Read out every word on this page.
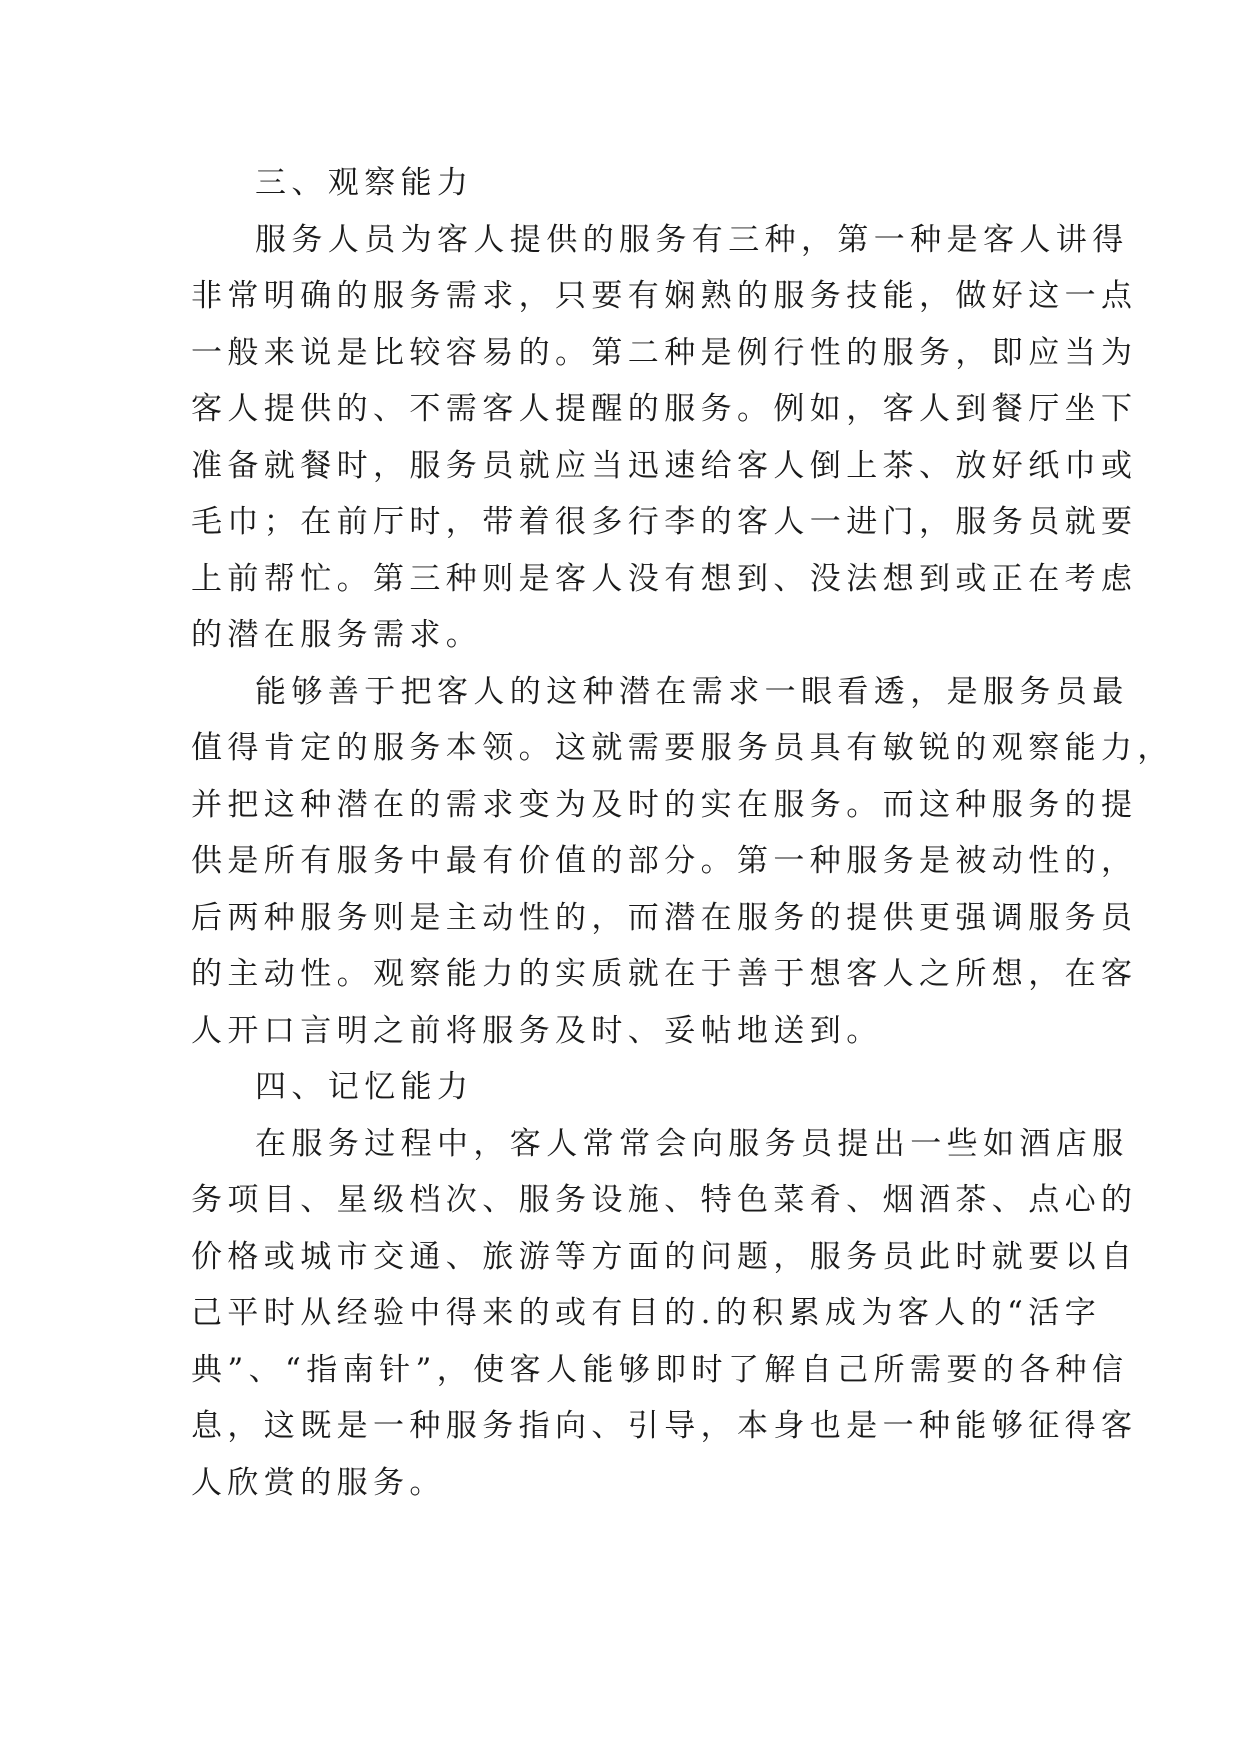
三、观察能力
服务人员为客人提供的服务有三种，第一种是客人讲得
非常明确的服务需求，只要有娴熟的服务技能，做好这一点
一般来说是比较容易的。第二种是例行性的服务，即应当为
客人提供的、不需客人提醒的服务。例如，客人到餐厅坐下
准备就餐时，服务员就应当迅速给客人倒上茶、放好纸巾或
毛巾；在前厅时，带着很多行李的客人一进门，服务员就要
上前帮忙。第三种则是客人没有想到、没法想到或正在考虑
的潜在服务需求。
能够善于把客人的这种潜在需求一眼看透，是服务员最
值得肯定的服务本领。这就需要服务员具有敏锐的观察能力，
并把这种潜在的需求变为及时的实在服务。而这种服务的提
供是所有服务中最有价值的部分。第一种服务是被动性的，
后两种服务则是主动性的，而潜在服务的提供更强调服务员
的主动性。观察能力的实质就在于善于想客人之所想，在客
人开口言明之前将服务及时、妥帖地送到。
四、记忆能力
在服务过程中，客人常常会向服务员提出一些如酒店服
务项目、星级档次、服务设施、特色菜肴、烟酒茶、点心的
价格或城市交通、旅游等方面的问题，服务员此时就要以自
己平时从经验中得来的或有目的.的积累成为客人的“活字
典”、“指南针”，使客人能够即时了解自己所需要的各种信
息，这既是一种服务指向、引导，本身也是一种能够征得客
人欣赏的服务。
